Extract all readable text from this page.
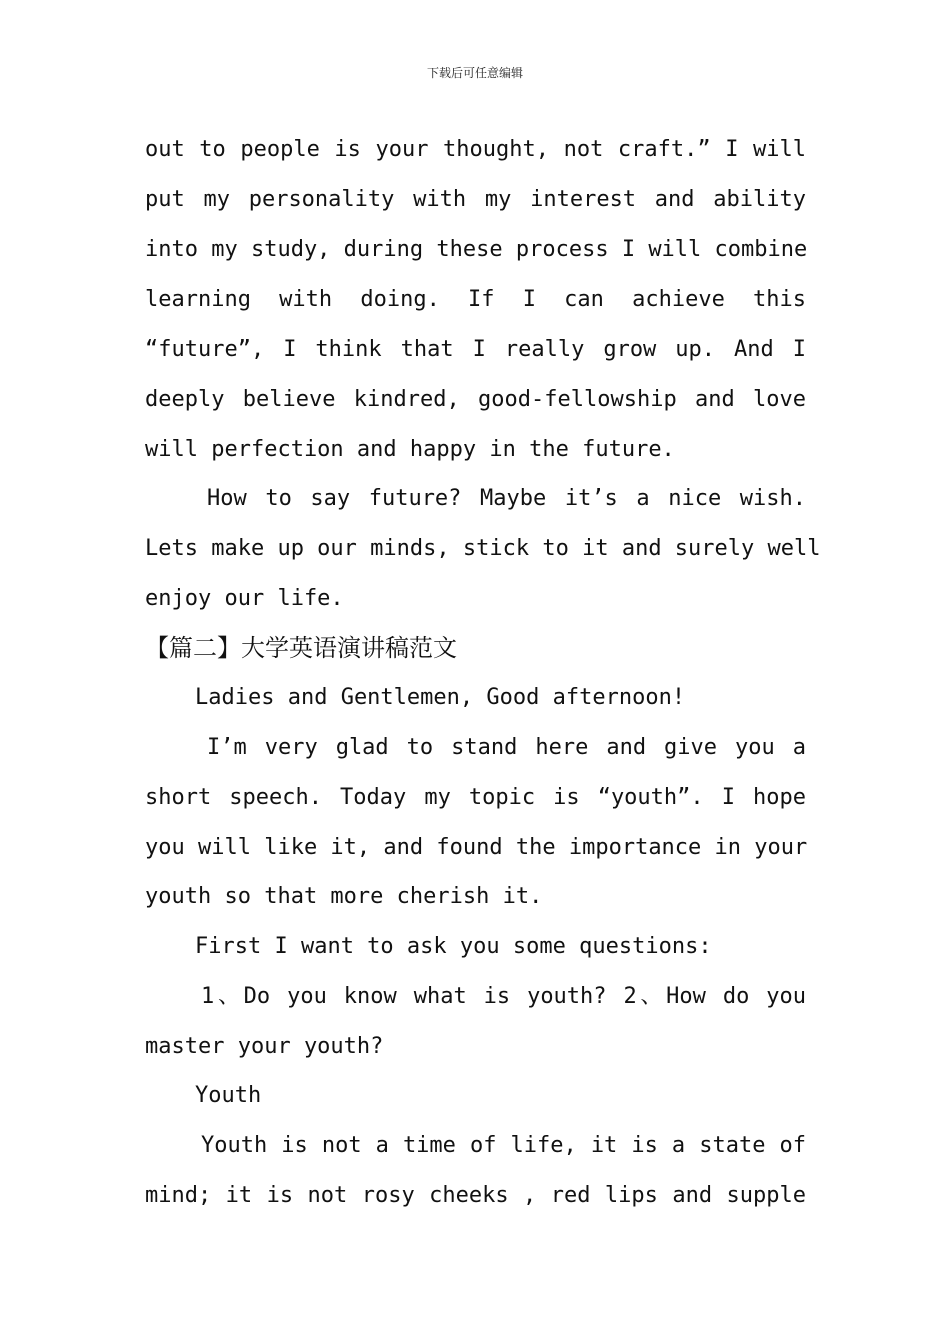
下载后可任意编辑
out to people is your thought, not craft.” I will
put my personality with my interest and ability
into my study, during these process I will combine
learning with doing. If I can achieve this
“future”, I think that I really grow up. And I
deeply believe kindred, good-fellowship and love
will perfection and happy in the future.
How to say future? Maybe it’s a nice wish.
Lets make up our minds, stick to it and surely well
enjoy our life.
【篇二】大学英语演讲稿范文
Ladies and Gentlemen, Good afternoon!
I’m very glad to stand here and give you a
short speech. Today my topic is “youth”. I hope
you will like it, and found the importance in your
youth so that more cherish it.
First I want to ask you some questions:
1、Do you know what is youth? 2、How do you
master your youth?
Youth
Youth is not a time of life, it is a state of
mind; it is not rosy cheeks , red lips and supple
